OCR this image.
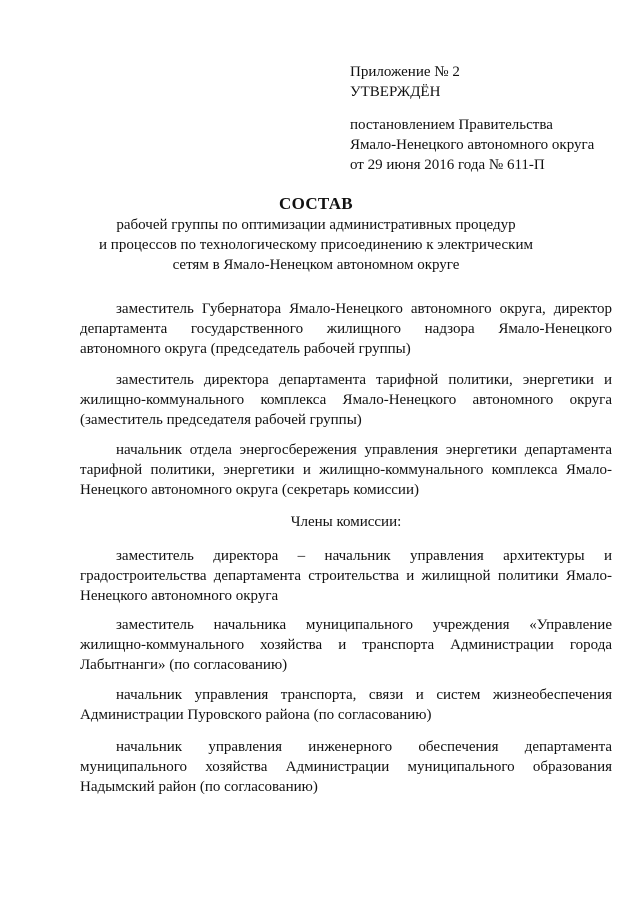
Приложение № 2
УТВЕРЖДЁН
постановлением Правительства
Ямало-Ненецкого автономного округа
от 29 июня 2016 года № 611-П
СОСТАВ
рабочей группы по оптимизации административных процедур
и процессов по технологическому присоединению к электрическим
сетям в Ямало-Ненецком автономном округе
заместитель Губернатора Ямало-Ненецкого автономного округа, директор департамента государственного жилищного надзора Ямало-Ненецкого автономного округа (председатель рабочей группы)
заместитель директора департамента тарифной политики, энергетики и жилищно-коммунального комплекса Ямало-Ненецкого автономного округа (заместитель председателя рабочей группы)
начальник отдела энергосбережения управления энергетики департамента тарифной политики, энергетики и жилищно-коммунального комплекса Ямало-Ненецкого автономного округа (секретарь комиссии)
Члены комиссии:
заместитель директора – начальник управления архитектуры и градостроительства департамента строительства и жилищной политики Ямало-Ненецкого автономного округа
заместитель начальника муниципального учреждения «Управление жилищно-коммунального хозяйства и транспорта Администрации города Лабытнанги» (по согласованию)
начальник управления транспорта, связи и систем жизнеобеспечения Администрации Пуровского района (по согласованию)
начальник управления инженерного обеспечения департамента муниципального хозяйства Администрации муниципального образования Надымский район (по согласованию)
